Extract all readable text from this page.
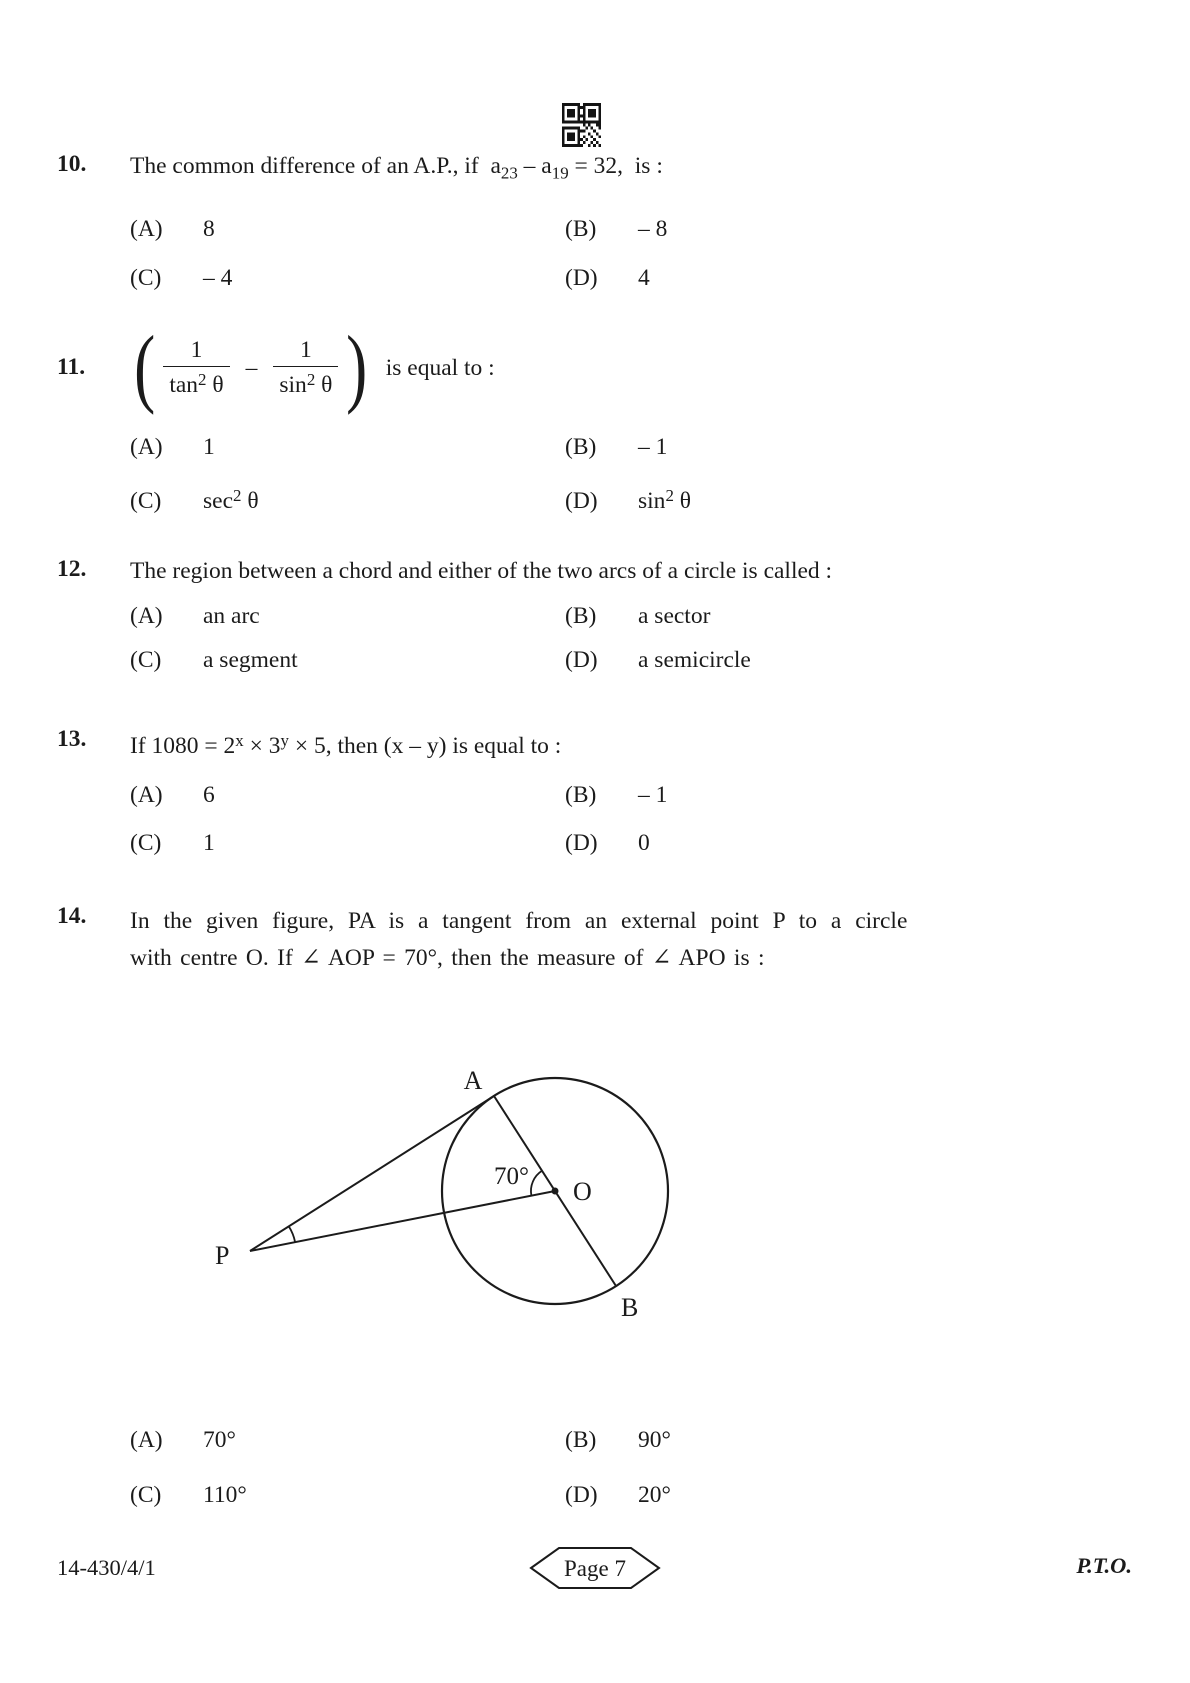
10.	The common difference of an A.P., if  $a_{23} - a_{19} = 32$,  is :
(A)	8	(B)	– 8
(C)	– 4	(D)	4
11. ( $\frac{1}{\tan^2 \theta} - \frac{1}{\sin^2 \theta}$ ) is equal to :
(A)	1	(B)	– 1
(C)	$\sec^2 \theta$	(D)	$\sin^2 \theta$
12.	The region between a chord and either of the two arcs of a circle is called :
(A)	an arc	(B)	a sector
(C)	a segment	(D)	a semicircle
13.	If $1080 = 2^x \times 3^y \times 5$, then (x – y) is equal to :
(A)	6	(B)	– 1
(C)	1	(D)	0
14.	In the given figure, PA is a tangent from an external point P to a circle
with centre O. If ∠ AOP = 70°, then the measure of ∠ APO is :
A
O
B
P
70°
(A)	70°	(B)	90°
(C)	110°	(D)	20°
14-430/4/1	Page 7	P.T.O.
